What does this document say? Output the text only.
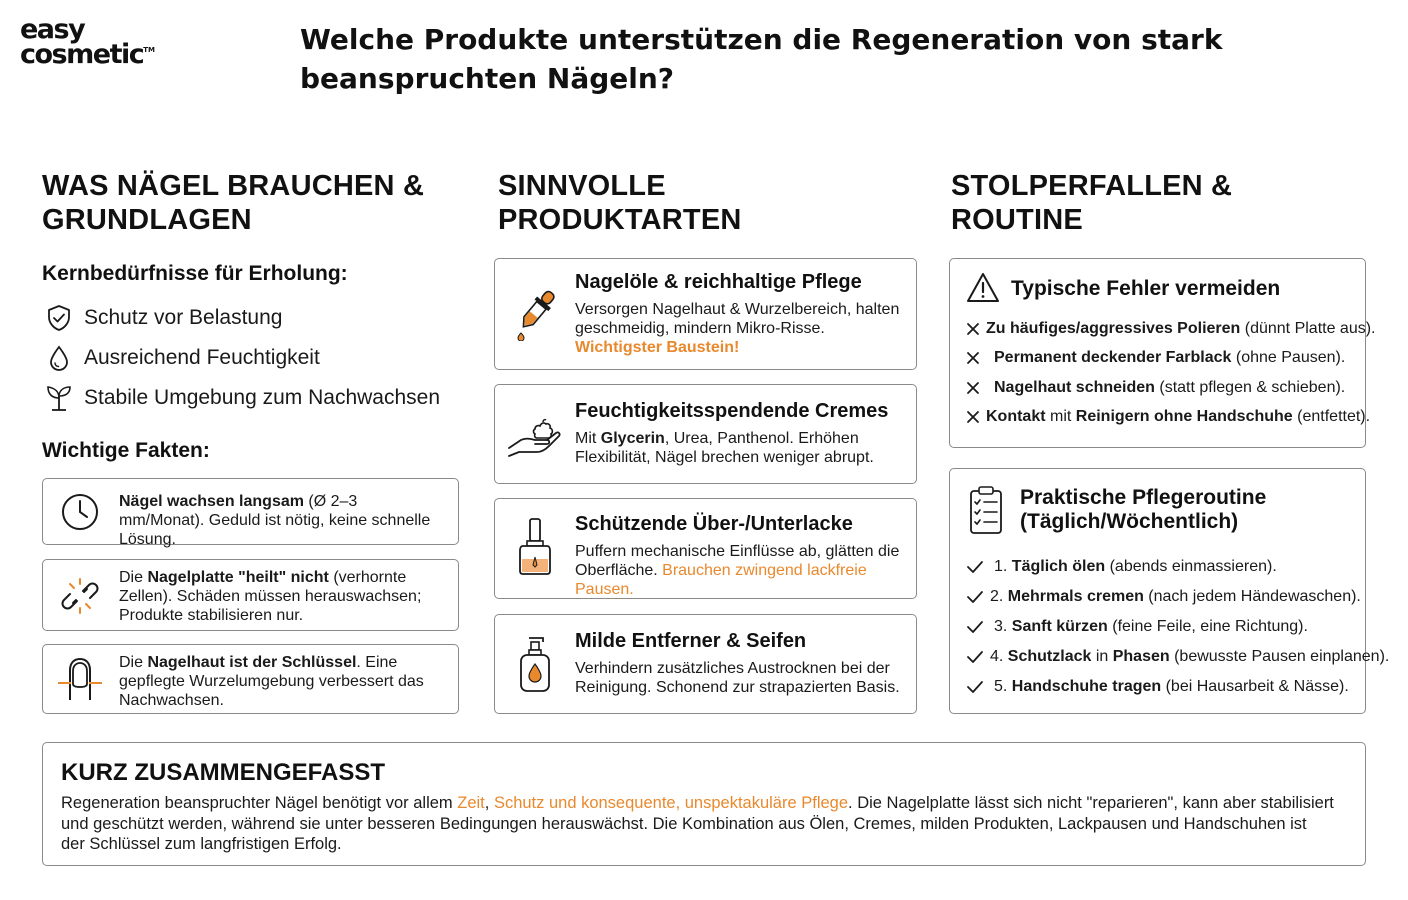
easy
cosmetic™	Welche Produkte unterstützen die Regeneration von stark beanspruchten Nägeln?
WAS NÄGEL BRAUCHEN & GRUNDLAGEN
SINNVOLLE PRODUKTARTEN
STOLPERFALLEN & ROUTINE
Kernbedürfnisse für Erholung:
Schutz vor Belastung
Ausreichend Feuchtigkeit
Stabile Umgebung zum Nachwachsen
Wichtige Fakten:
Nägel wachsen langsam (Ø 2–3 mm/Monat). Geduld ist nötig, keine schnelle Lösung.
Die Nagelplatte "heilt" nicht (verhornte Zellen). Schäden müssen herauswachsen; Produkte stabilisieren nur.
Die Nagelhaut ist der Schlüssel. Eine gepflegte Wurzelumgebung verbessert das Nachwachsen.
Nagelöle & reichhaltige Pflege
Versorgen Nagelhaut & Wurzelbereich, halten geschmeidig, mindern Mikro-Risse.
Wichtigster Baustein!
Feuchtigkeitsspendende Cremes
Mit Glycerin, Urea, Panthenol. Erhöhen Flexibilität, Nägel brechen weniger abrupt.
Schützende Über-/Unterlacke
Puffern mechanische Einflüsse ab, glätten die Oberfläche. Brauchen zwingend lackfreie Pausen.
Milde Entferner & Seifen
Verhindern zusätzliches Austrocknen bei der Reinigung. Schonend zur strapazierten Basis.
Typische Fehler vermeiden
Zu häufiges/aggressives Polieren (dünnt Platte aus).
Permanent deckender Farblack (ohne Pausen).
Nagelhaut schneiden (statt pflegen & schieben).
Kontakt mit Reinigern ohne Handschuhe (entfettet).
Praktische Pflegeroutine
(Täglich/Wöchentlich)
1. Täglich ölen (abends einmassieren).
2. Mehrmals cremen (nach jedem Händewaschen).
3. Sanft kürzen (feine Feile, eine Richtung).
4. Schutzlack in Phasen (bewusste Pausen einplanen).
5. Handschuhe tragen (bei Hausarbeit & Nässe).
KURZ ZUSAMMENGEFASST
Regeneration beanspruchter Nägel benötigt vor allem Zeit, Schutz und konsequente, unspektakuläre Pflege. Die Nagelplatte lässt sich nicht "reparieren", kann aber stabilisiert und geschützt werden, während sie unter besseren Bedingungen herauswächst. Die Kombination aus Ölen, Cremes, milden Produkten, Lackpausen und Handschuhen ist der Schlüssel zum langfristigen Erfolg.
